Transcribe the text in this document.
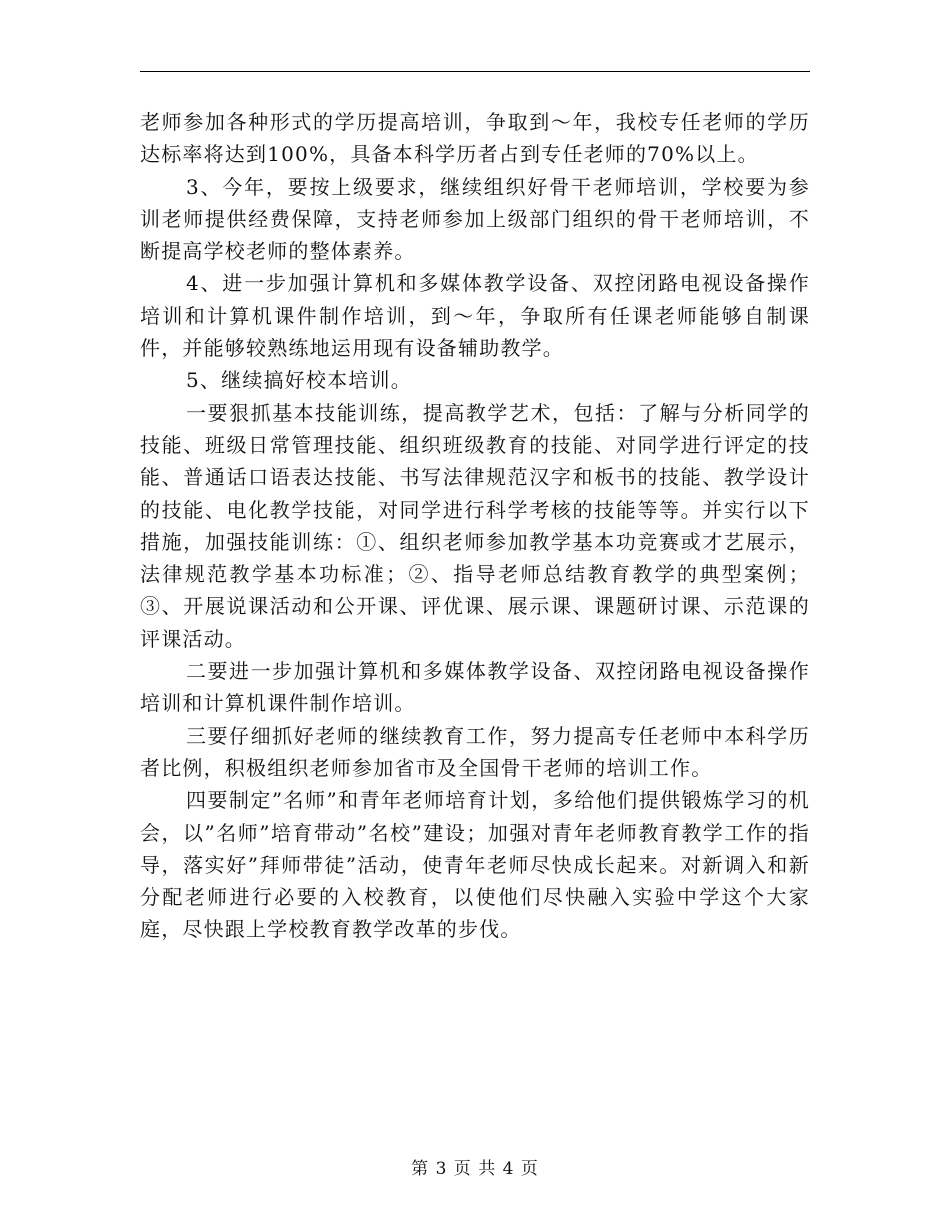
老师参加各种形式的学历提高培训，争取到～年，我校专任老师的学历达标率将达到100%，具备本科学历者占到专任老师的70%以上。

3、今年，要按上级要求，继续组织好骨干老师培训，学校要为参训老师提供经费保障，支持老师参加上级部门组织的骨干老师培训，不断提高学校老师的整体素养。

4、进一步加强计算机和多媒体教学设备、双控闭路电视设备操作培训和计算机课件制作培训，到～年，争取所有任课老师能够自制课件，并能够较熟练地运用现有设备辅助教学。

5、继续搞好校本培训。

一要狠抓基本技能训练，提高教学艺术，包括：了解与分析同学的技能、班级日常管理技能、组织班级教育的技能、对同学进行评定的技能、普通话口语表达技能、书写法律规范汉字和板书的技能、教学设计的技能、电化教学技能，对同学进行科学考核的技能等等。并实行以下措施，加强技能训练：①、组织老师参加教学基本功竞赛或才艺展示，法律规范教学基本功标准；②、指导老师总结教育教学的典型案例；③、开展说课活动和公开课、评优课、展示课、课题研讨课、示范课的评课活动。

二要进一步加强计算机和多媒体教学设备、双控闭路电视设备操作培训和计算机课件制作培训。

三要仔细抓好老师的继续教育工作，努力提高专任老师中本科学历者比例，积极组织老师参加省市及全国骨干老师的培训工作。

四要制定”名师”和青年老师培育计划，多给他们提供锻炼学习的机会，以”名师”培育带动”名校”建设；加强对青年老师教育教学工作的指导，落实好”拜师带徒”活动，使青年老师尽快成长起来。对新调入和新分配老师进行必要的入校教育，以使他们尽快融入实验中学这个大家庭，尽快跟上学校教育教学改革的步伐。

第 3 页 共 4 页
